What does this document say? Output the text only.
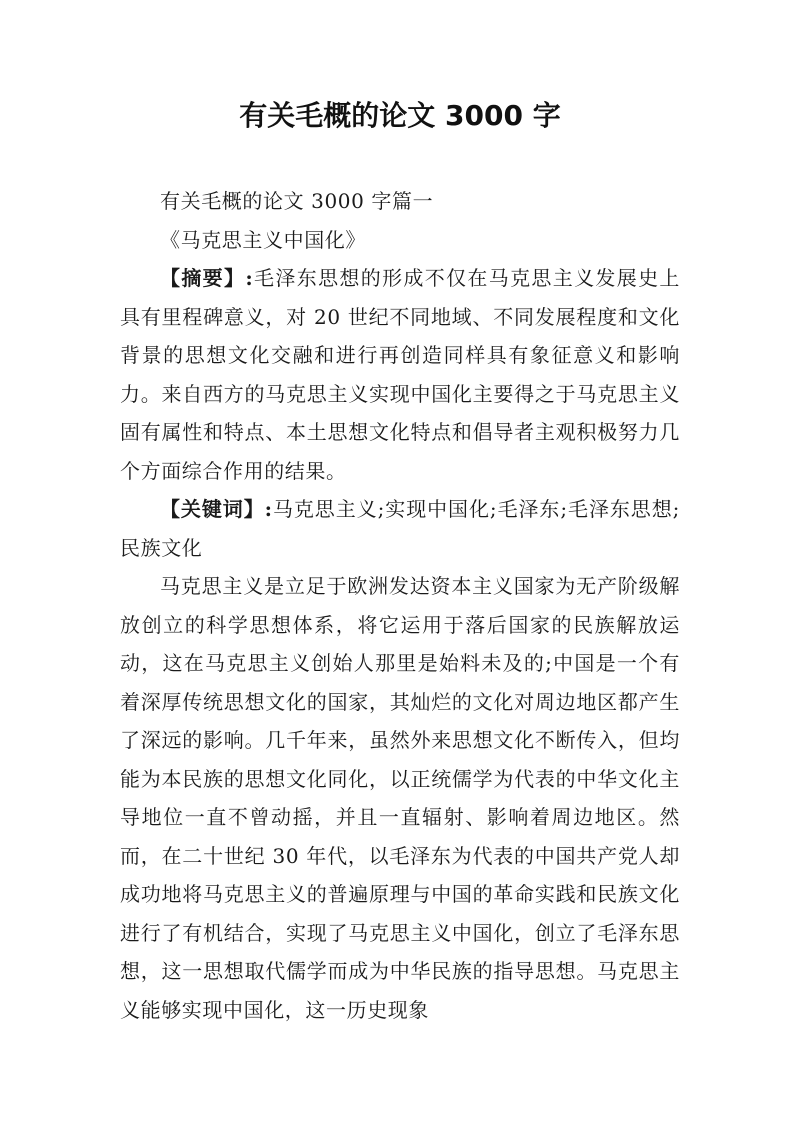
有关毛概的论文 3000 字

有关毛概的论文 3000 字篇一

《马克思主义中国化》

【摘要】:毛泽东思想的形成不仅在马克思主义发展史上具有里程碑意义，对 20 世纪不同地域、不同发展程度和文化背景的思想文化交融和进行再创造同样具有象征意义和影响力。来自西方的马克思主义实现中国化主要得之于马克思主义固有属性和特点、本土思想文化特点和倡导者主观积极努力几个方面综合作用的结果。

【关键词】:马克思主义;实现中国化;毛泽东;毛泽东思想; 民族文化

马克思主义是立足于欧洲发达资本主义国家为无产阶级解放创立的科学思想体系，将它运用于落后国家的民族解放运动，这在马克思主义创始人那里是始料未及的;中国是一个有着深厚传统思想文化的国家，其灿烂的文化对周边地区都产生了深远的影响。几千年来，虽然外来思想文化不断传入，但均能为本民族的思想文化同化，以正统儒学为代表的中华文化主导地位一直不曾动摇，并且一直辐射、影响着周边地区。然而，在二十世纪 30 年代，以毛泽东为代表的中国共产党人却成功地将马克思主义的普遍原理与中国的革命实践和民族文化进行了有机结合，实现了马克思主义中国化，创立了毛泽东思想，这一思想取代儒学而成为中华民族的指导思想。马克思主义能够实现中国化，这一历史现象
